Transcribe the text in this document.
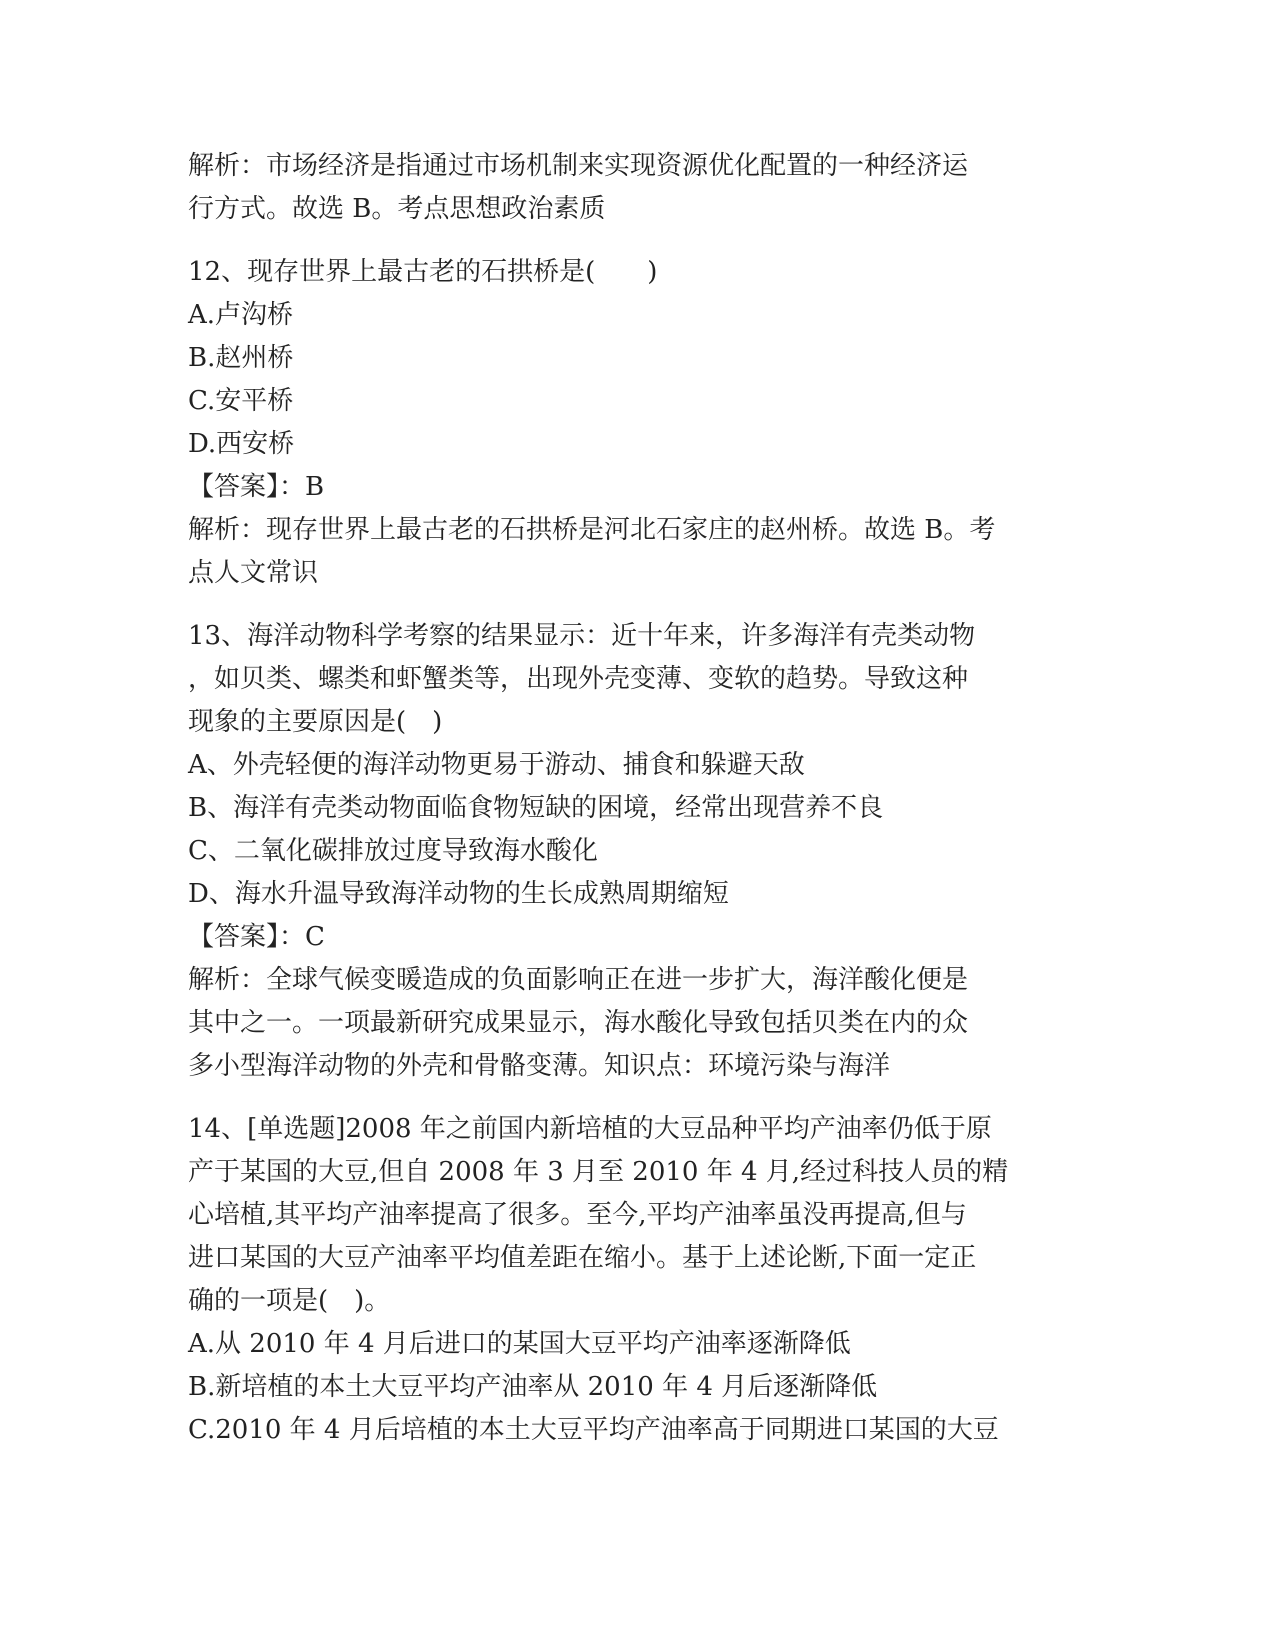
解析：市场经济是指通过市场机制来实现资源优化配置的一种经济运
行方式。故选 B。考点思想政治素质
12、现存世界上最古老的石拱桥是(　　)
A.卢沟桥
B.赵州桥
C.安平桥
D.西安桥
【答案】：B
解析：现存世界上最古老的石拱桥是河北石家庄的赵州桥。故选 B。考
点人文常识
13、海洋动物科学考察的结果显示：近十年来，许多海洋有壳类动物
，如贝类、螺类和虾蟹类等，出现外壳变薄、变软的趋势。导致这种
现象的主要原因是(　)
A、外壳轻便的海洋动物更易于游动、捕食和躲避天敌
B、海洋有壳类动物面临食物短缺的困境，经常出现营养不良
C、二氧化碳排放过度导致海水酸化
D、海水升温导致海洋动物的生长成熟周期缩短
【答案】：C
解析：全球气候变暖造成的负面影响正在进一步扩大，海洋酸化便是
其中之一。一项最新研究成果显示，海水酸化导致包括贝类在内的众
多小型海洋动物的外壳和骨骼变薄。知识点：环境污染与海洋
14、[单选题]2008 年之前国内新培植的大豆品种平均产油率仍低于原
产于某国的大豆,但自 2008 年 3 月至 2010 年 4 月,经过科技人员的精
心培植,其平均产油率提高了很多。至今,平均产油率虽没再提高,但与
进口某国的大豆产油率平均值差距在缩小。基于上述论断,下面一定正
确的一项是(　)。
A.从 2010 年 4 月后进口的某国大豆平均产油率逐渐降低
B.新培植的本土大豆平均产油率从 2010 年 4 月后逐渐降低
C.2010 年 4 月后培植的本土大豆平均产油率高于同期进口某国的大豆
